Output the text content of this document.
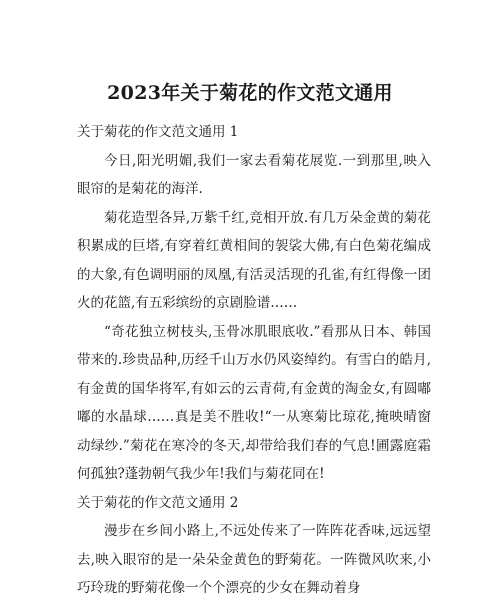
2023年关于菊花的作文范文通用

关于菊花的作文范文通用 1

今日,阳光明媚,我们一家去看菊花展览.一到那里,映入眼帘的是菊花的海洋.

菊花造型各异,万紫千红,竞相开放.有几万朵金黄的菊花积累成的巨塔,有穿着红黄相间的袈裟大佛,有白色菊花编成的大象,有色调明丽的凤凰,有活灵活现的孔雀,有红得像一团火的花篮,有五彩缤纷的京剧脸谱……

“奇花独立树枝头,玉骨冰肌眼底收.”看那从日本、韩国带来的.珍贵品种,历经千山万水仍风姿绰约。有雪白的皓月,有金黄的国华将军,有如云的云青荷,有金黄的淘金女,有圆嘟嘟的水晶球……真是美不胜收!“一从寒菊比琼花,掩映晴窗动绿纱.”菊花在寒冷的冬天,却带给我们春的气息!圃露庭霜何孤独?蓬勃朝气我少年!我们与菊花同在!

关于菊花的作文范文通用 2

漫步在乡间小路上,不远处传来了一阵阵花香味,远远望去,映入眼帘的是一朵朵金黄色的野菊花。一阵微风吹来,小巧玲珑的野菊花像一个个漂亮的少女在舞动着身
